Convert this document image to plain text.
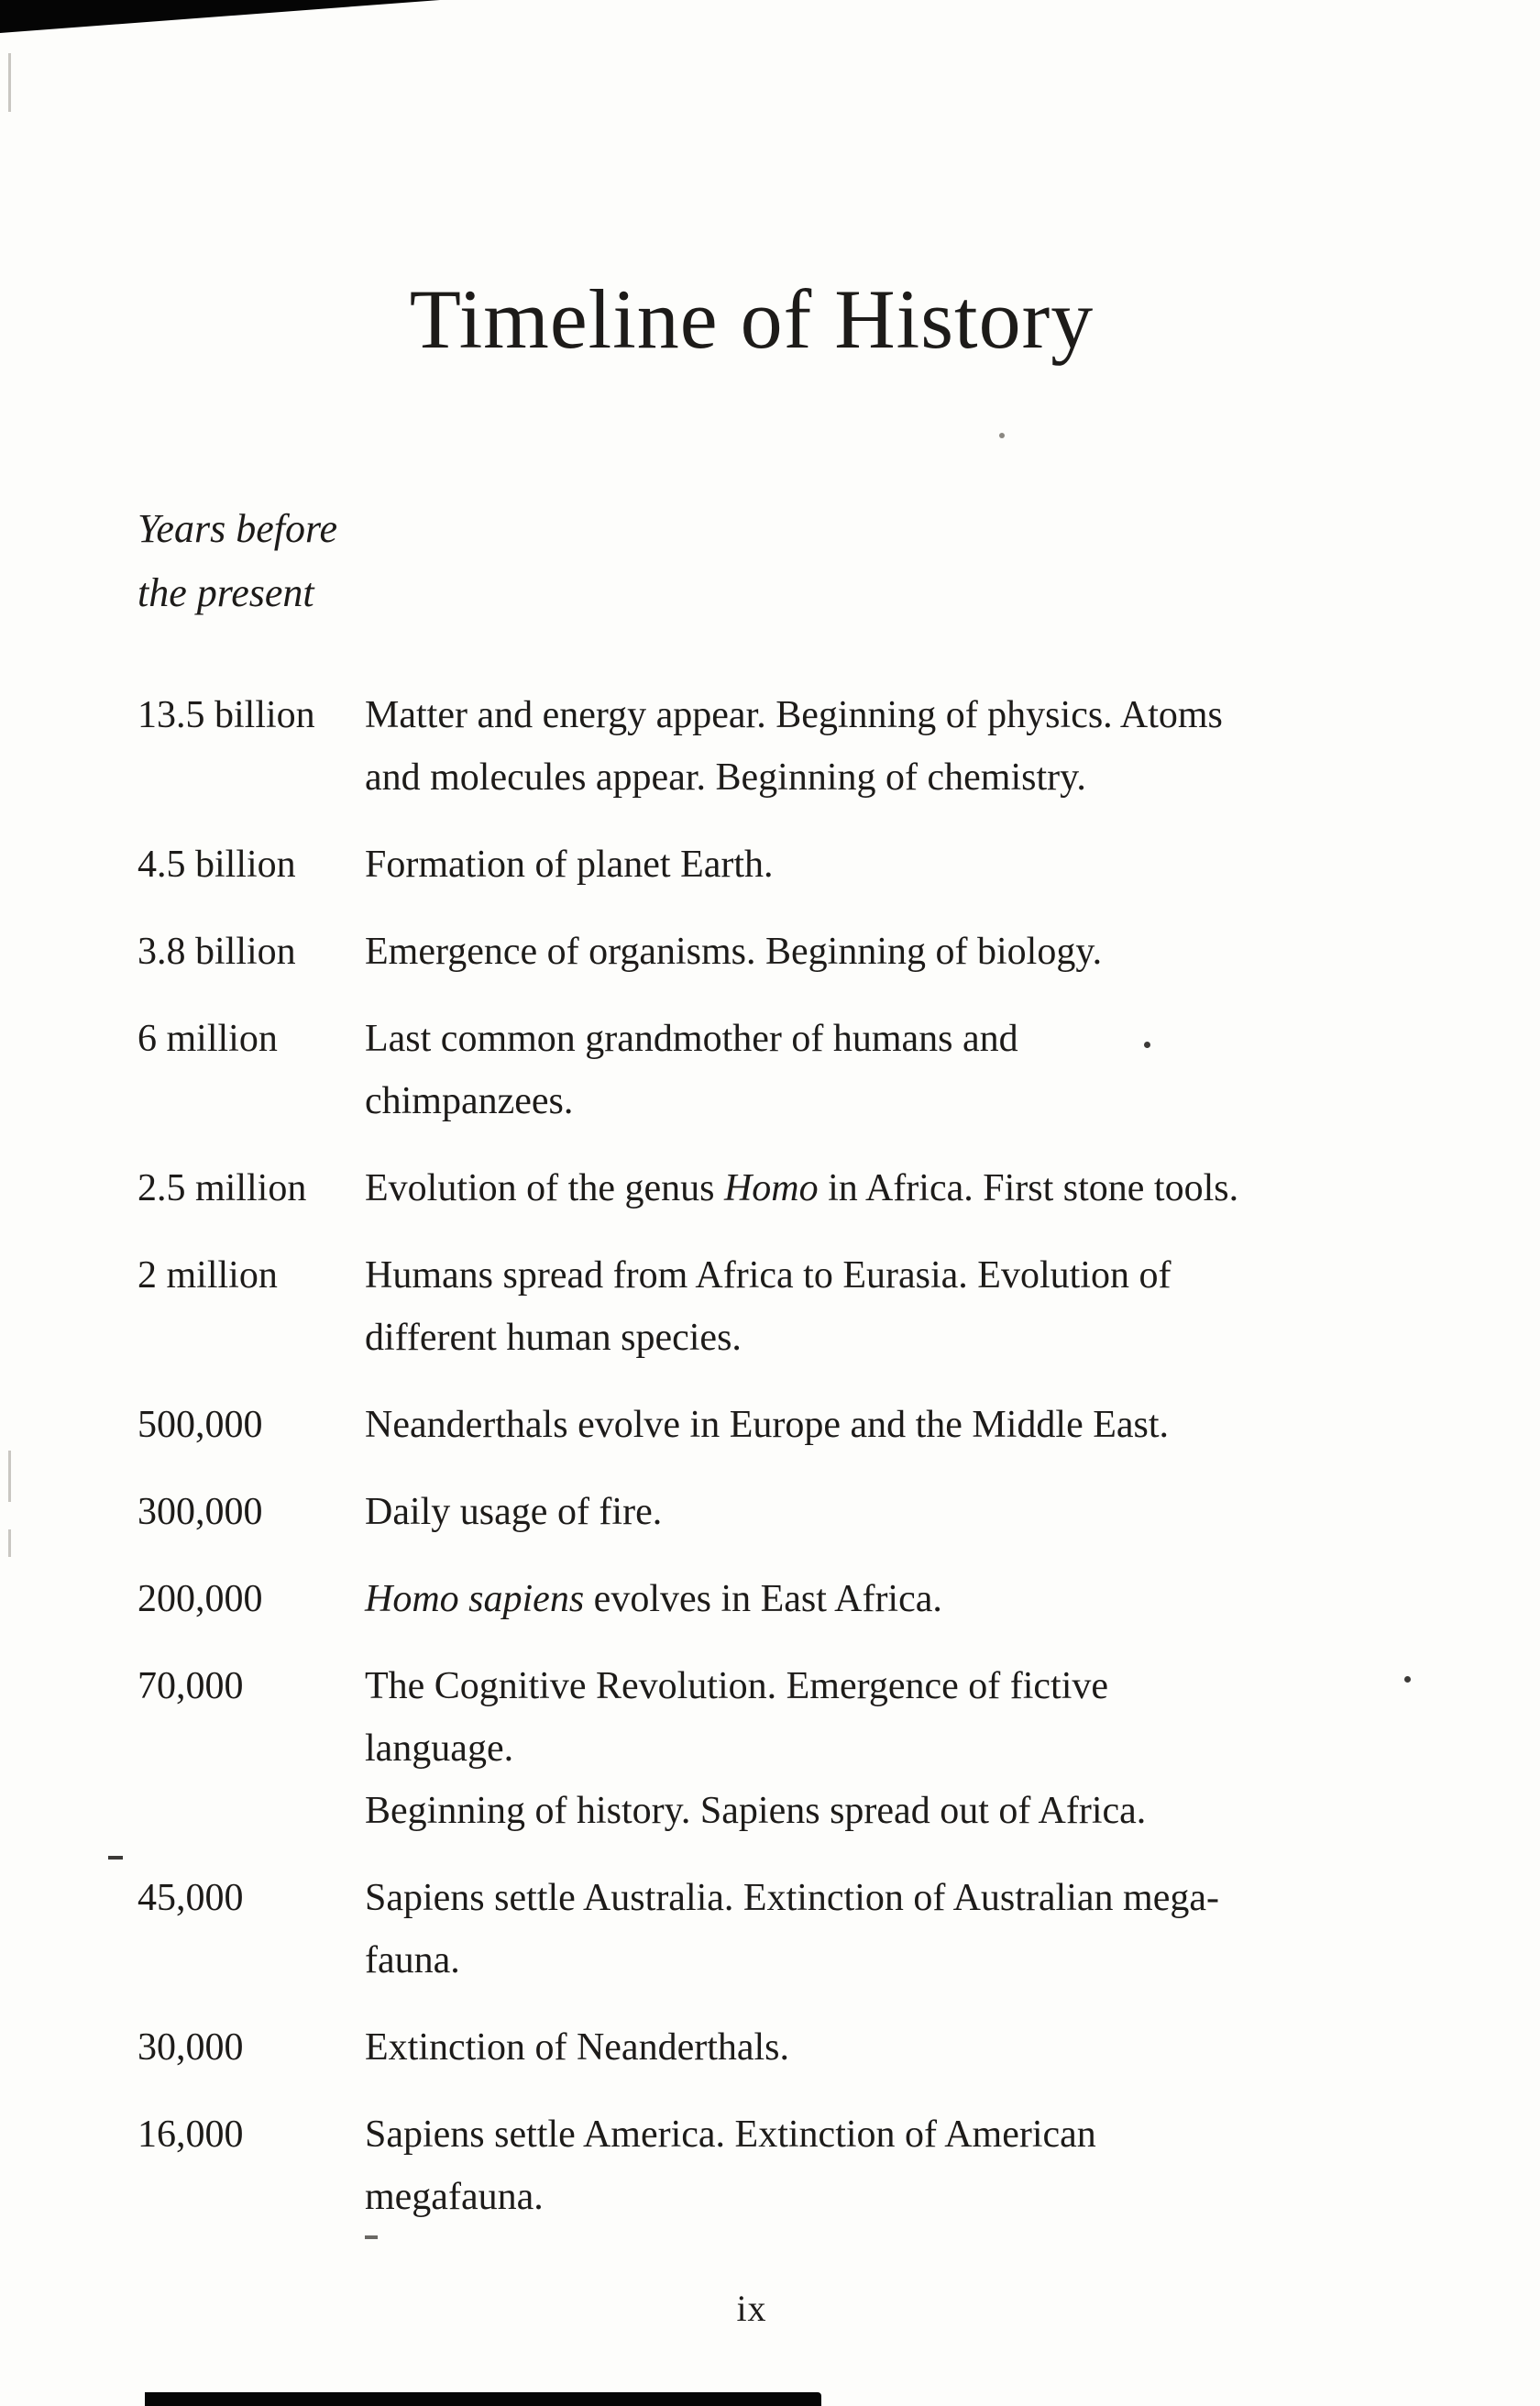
Timeline of History
Years before
the present
13.5 billion	Matter and energy appear. Beginning of physics. Atoms
and molecules appear. Beginning of chemistry.
4.5 billion	Formation of planet Earth.
3.8 billion	Emergence of organisms. Beginning of biology.
6 million	Last common grandmother of humans and
chimpanzees.
2.5 million	Evolution of the genus Homo in Africa. First stone tools.
2 million	Humans spread from Africa to Eurasia. Evolution of
different human species.
500,000	Neanderthals evolve in Europe and the Middle East.
300,000	Daily usage of fire.
200,000	Homo sapiens evolves in East Africa.
70,000	The Cognitive Revolution. Emergence of fictive
language.
Beginning of history. Sapiens spread out of Africa.
45,000	Sapiens settle Australia. Extinction of Australian mega-
fauna.
30,000	Extinction of Neanderthals.
16,000	Sapiens settle America. Extinction of American
megafauna.
ix
